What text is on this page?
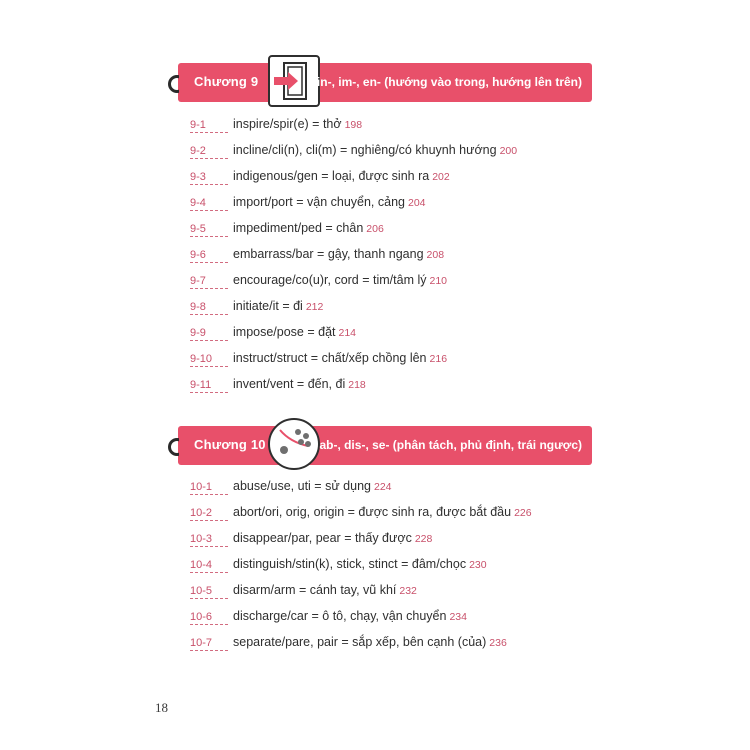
Chương 9	in-, im-, en- (hướng vào trong, hướng lên trên)
9-1 inspire/spir(e) = thở 198
9-2 incline/cli(n), cli(m) = nghiêng/có khuynh hướng 200
9-3 indigenous/gen = loại, được sinh ra 202
9-4 import/port = vận chuyển, cảng 204
9-5 impediment/ped = chân 206
9-6 embarrass/bar = gậy, thanh ngang 208
9-7 encourage/co(u)r, cord = tim/tâm lý 210
9-8 initiate/it = đi 212
9-9 impose/pose = đặt 214
9-10 instruct/struct = chất/xếp chồng lên 216
9-11 invent/vent = đến, đi 218
Chương 10	ab-, dis-, se- (phân tách, phủ định, trái ngược)
10-1 abuse/use, uti = sử dụng 224
10-2 abort/ori, orig, origin = được sinh ra, được bắt đầu 226
10-3 disappear/par, pear = thấy được 228
10-4 distinguish/stin(k), stick, stinct = đâm/chọc 230
10-5 disarm/arm = cánh tay, vũ khí 232
10-6 discharge/car = ô tô, chạy, vận chuyển 234
10-7 separate/pare, pair = sắp xếp, bên cạnh (của) 236
18
